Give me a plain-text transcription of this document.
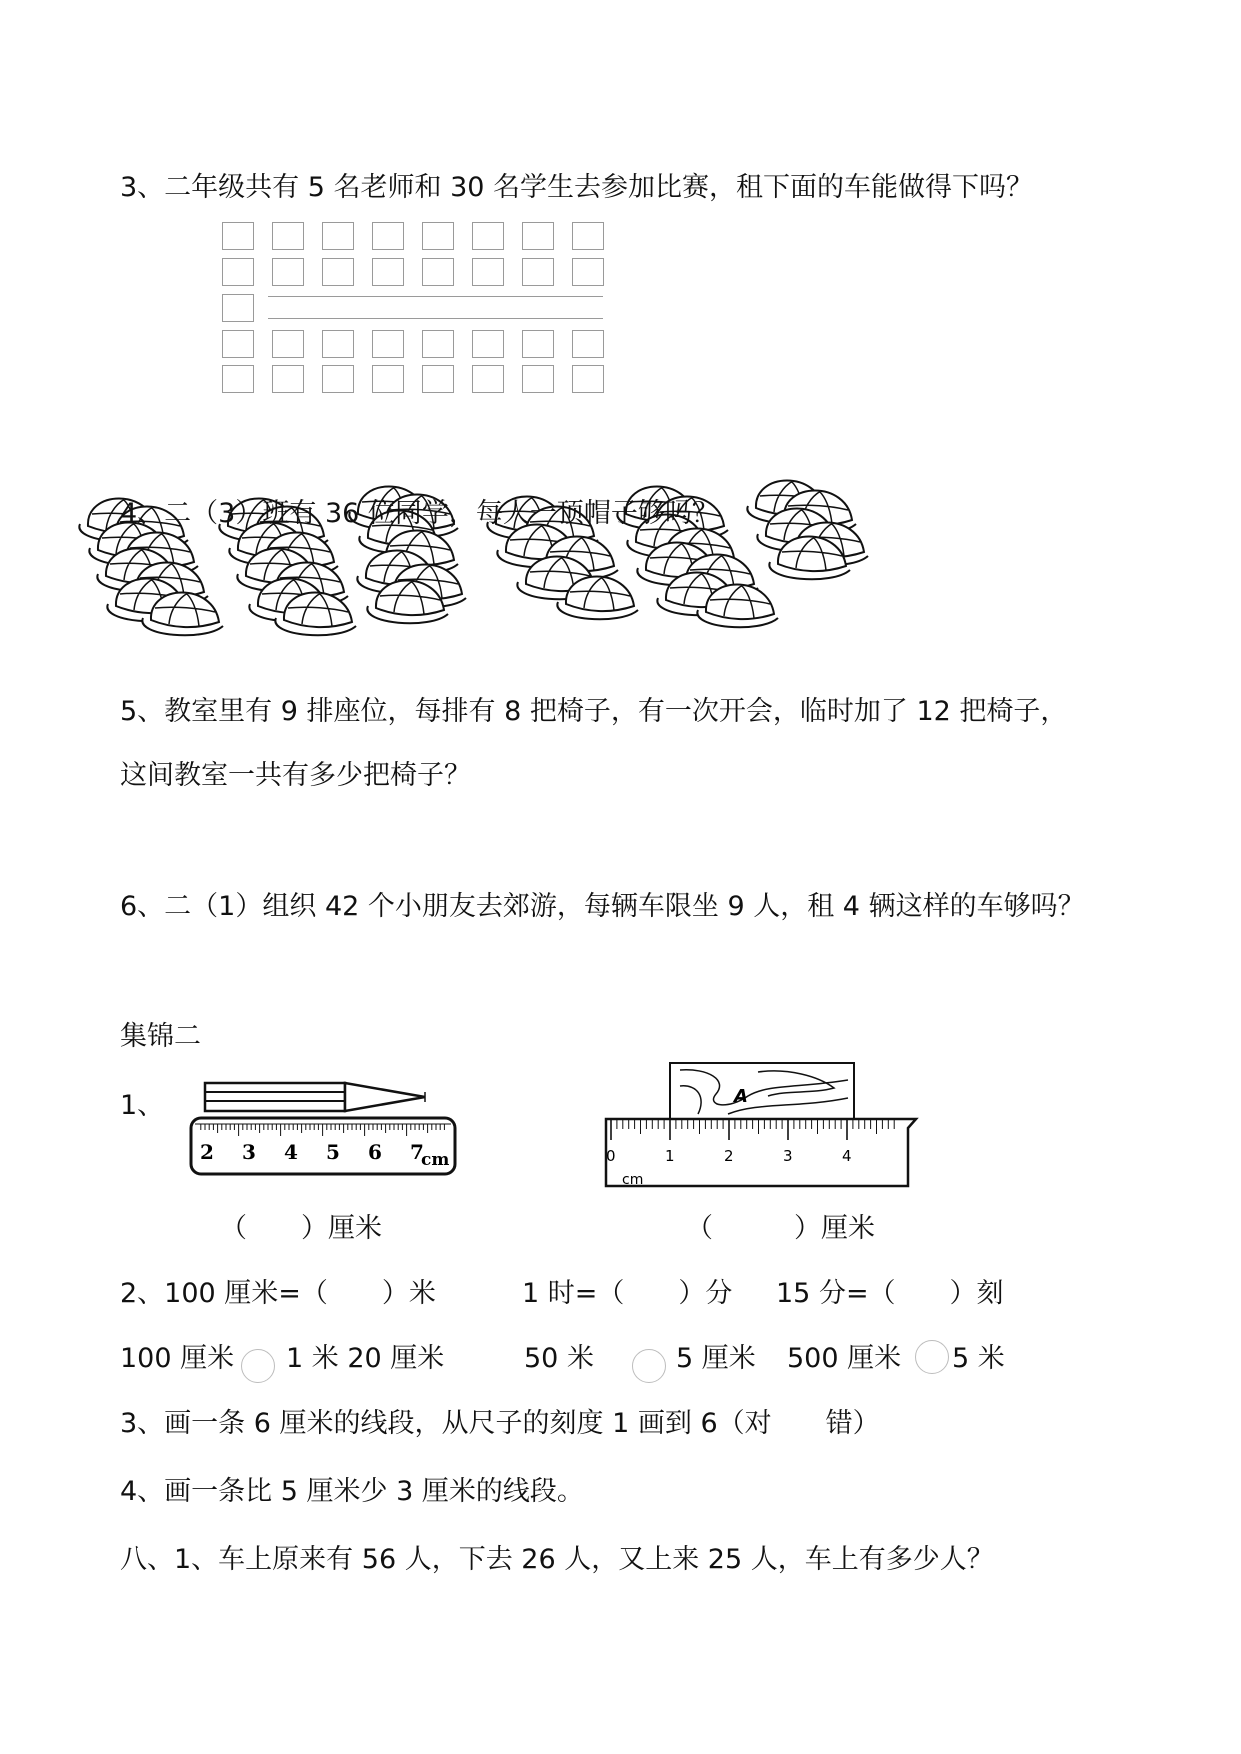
3、二年级共有 5 名老师和 30 名学生去参加比赛，租下面的车能做得下吗？
4、二（3）班有 36 位同学，每人一顶帽子够吗？
5、教室里有 9 排座位，每排有 8 把椅子，有一次开会，临时加了 12 把椅子，
这间教室一共有多少把椅子？
6、二（1）组织 42 个小朋友去郊游，每辆车限坐 9 人，租 4 辆这样的车够吗？
集锦二
1、
2 3 4 5 6 7
cm
A
0	1	2	3	4
cm
（　　）厘米	（　　　）厘米
2、100 厘米=（　　）米	1 时=（　　）分 15 分=（　　）刻
100 厘米 1 米 20 厘米	50 米	5 厘米 500 厘米 5 米
3、画一条 6 厘米的线段，从尺子的刻度 1 画到 6（对　　错）
4、画一条比 5 厘米少 3 厘米的线段。
八、1、车上原来有 56 人，下去 26 人，又上来 25 人，车上有多少人？
